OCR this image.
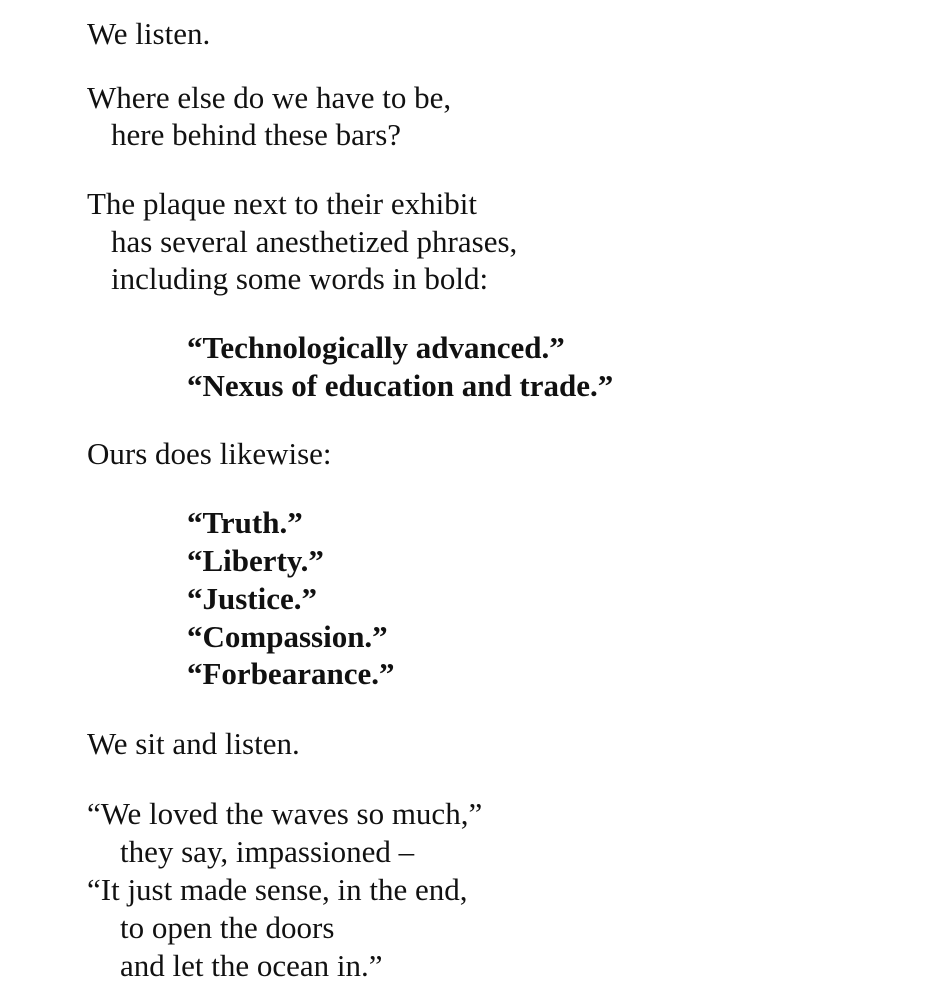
We listen.

Where else do we have to be,

here behind these bars?

The plaque next to their exhibit

has several anesthetized phrases,

including some words in bold:

“Technologically advanced.”

“Nexus of education and trade.”

Ours does likewise:

“Truth.”

“Liberty.”

“Justice.”

“Compassion.”

“Forbearance.”

We sit and listen.

“We loved the waves so much,”

they say, impassioned –

“It just made sense, in the end,

to open the doors

and let the ocean in.”
